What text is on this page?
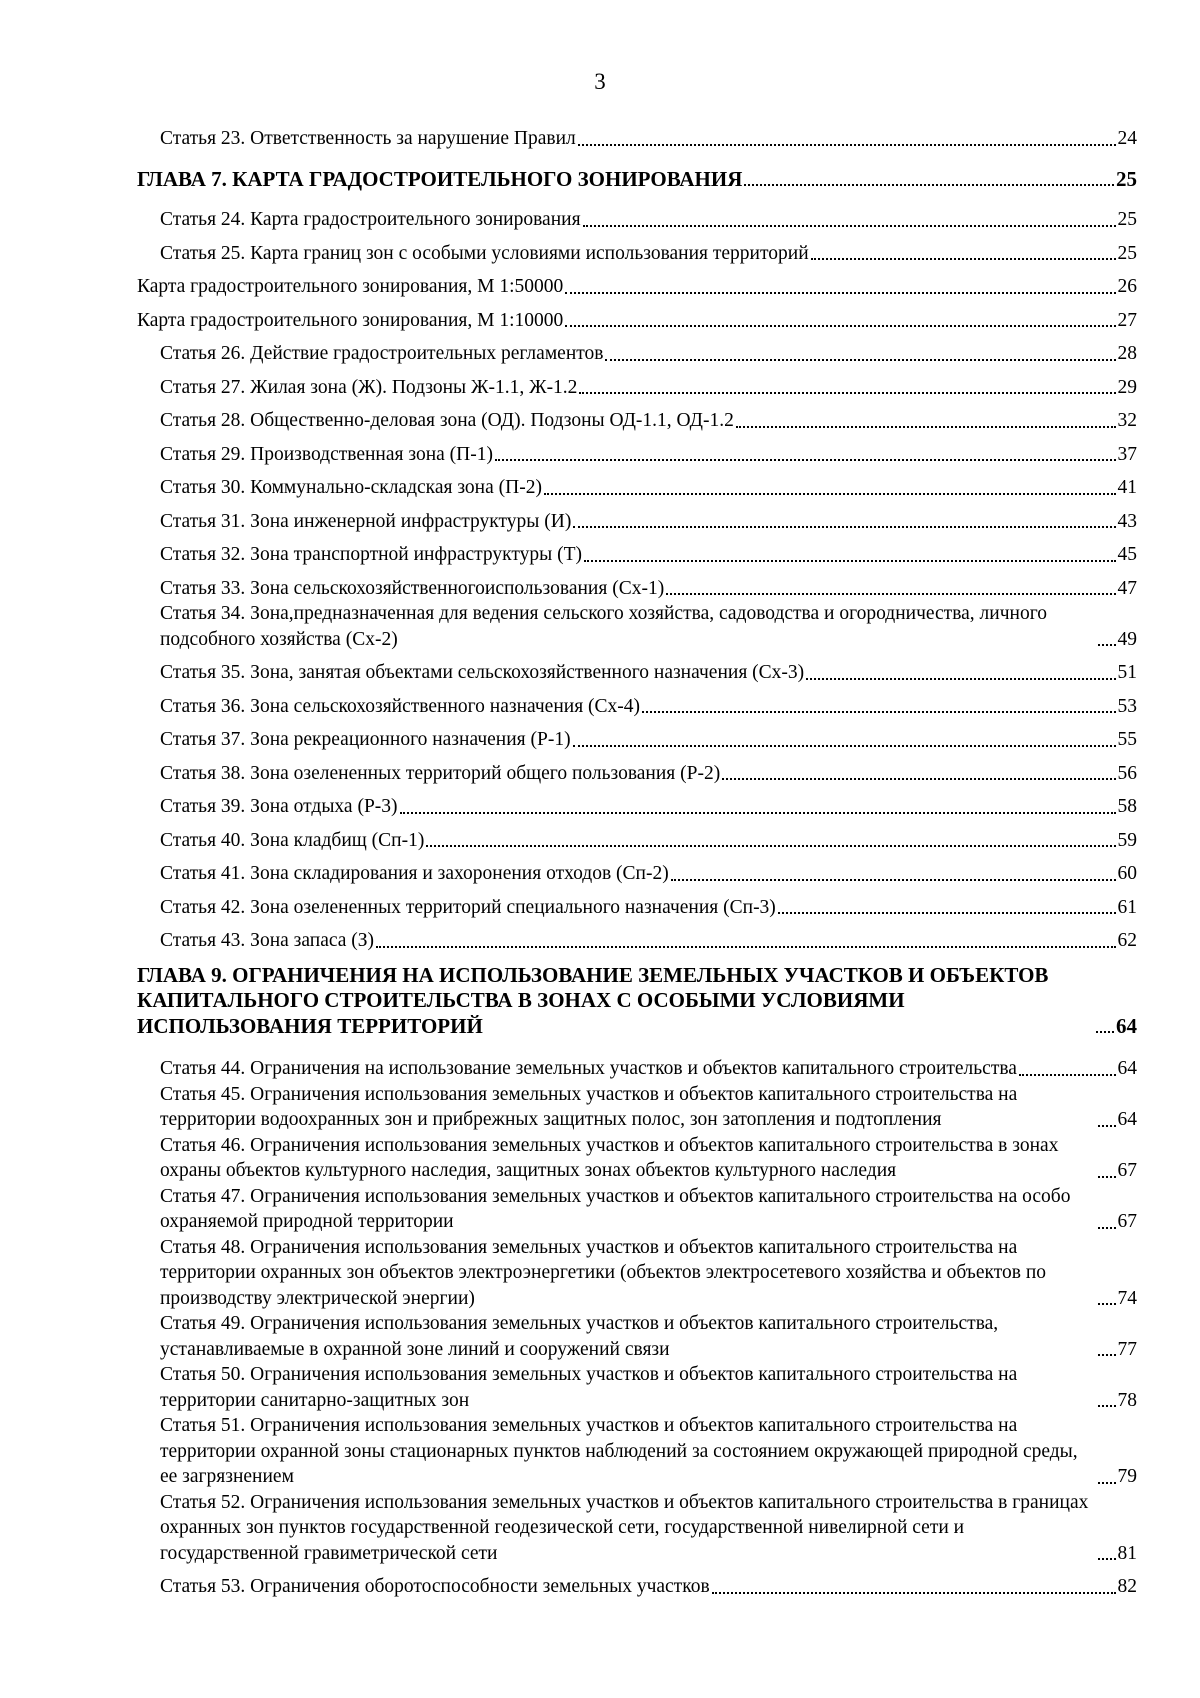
3
Статья 23. Ответственность за нарушение Правил	24
ГЛАВА 7. КАРТА ГРАДОСТРОИТЕЛЬНОГО ЗОНИРОВАНИЯ	25
Статья 24. Карта градостроительного зонирования	25
Статья 25. Карта границ зон с особыми условиями использования территорий	25
Карта градостроительного зонирования, М 1:50000	26
Карта градостроительного зонирования, М 1:10000	27
Статья 26. Действие градостроительных регламентов	28
Статья 27. Жилая зона (Ж). Подзоны Ж-1.1, Ж-1.2	29
Статья 28. Общественно-деловая зона (ОД). Подзоны ОД-1.1, ОД-1.2	32
Статья 29. Производственная зона (П-1)	37
Статья 30. Коммунально-складская зона (П-2)	41
Статья 31. Зона инженерной инфраструктуры (И)	43
Статья 32. Зона транспортной инфраструктуры (Т)	45
Статья 33. Зона сельскохозяйственногоиспользования (Сх-1)	47
Статья 34. Зона,предназначенная для ведения сельского хозяйства, садоводства и огородничества, личного подсобного хозяйства (Сх-2)	49
Статья 35. Зона, занятая объектами сельскохозяйственного назначения (Сх-3)	51
Статья 36. Зона сельскохозяйственного назначения (Сх-4)	53
Статья 37. Зона рекреационного назначения (Р-1)	55
Статья 38. Зона озелененных территорий общего пользования (Р-2)	56
Статья 39. Зона отдыха (Р-3)	58
Статья 40. Зона кладбищ (Сп-1)	59
Статья 41. Зона складирования и захоронения отходов (Сп-2)	60
Статья 42. Зона озелененных территорий специального назначения (Сп-3)	61
Статья 43. Зона запаса (З)	62
ГЛАВА 9. ОГРАНИЧЕНИЯ НА ИСПОЛЬЗОВАНИЕ ЗЕМЕЛЬНЫХ УЧАСТКОВ И ОБЪЕКТОВ КАПИТАЛЬНОГО СТРОИТЕЛЬСТВА В ЗОНАХ С ОСОБЫМИ УСЛОВИЯМИ ИСПОЛЬЗОВАНИЯ ТЕРРИТОРИЙ	64
Статья 44. Ограничения на использование земельных участков и объектов капитального строительства	64
Статья 45. Ограничения использования земельных участков и объектов капитального строительства на территории водоохранных зон и прибрежных защитных полос, зон затопления и подтопления	64
Статья 46. Ограничения использования земельных участков и объектов капитального строительства в зонах охраны объектов культурного наследия, защитных зонах объектов культурного наследия	67
Статья 47. Ограничения использования земельных участков и объектов капитального строительства на особо охраняемой природной территории	67
Статья 48. Ограничения использования земельных участков и объектов капитального строительства на территории охранных зон объектов электроэнергетики (объектов электросетевого хозяйства и объектов по производству электрической энергии)	74
Статья 49. Ограничения использования земельных участков и объектов капитального строительства, устанавливаемые в охранной зоне линий и сооружений связи	77
Статья 50. Ограничения использования земельных участков и объектов капитального строительства на территории санитарно-защитных зон	78
Статья 51. Ограничения использования земельных участков и объектов капитального строительства на территории охранной зоны стационарных пунктов наблюдений за состоянием окружающей природной среды, ее загрязнением	79
Статья 52. Ограничения использования земельных участков и объектов капитального строительства в границах охранных зон пунктов государственной геодезической сети, государственной нивелирной сети и государственной гравиметрической сети	81
Статья 53. Ограничения оборотоспособности земельных участков	82
